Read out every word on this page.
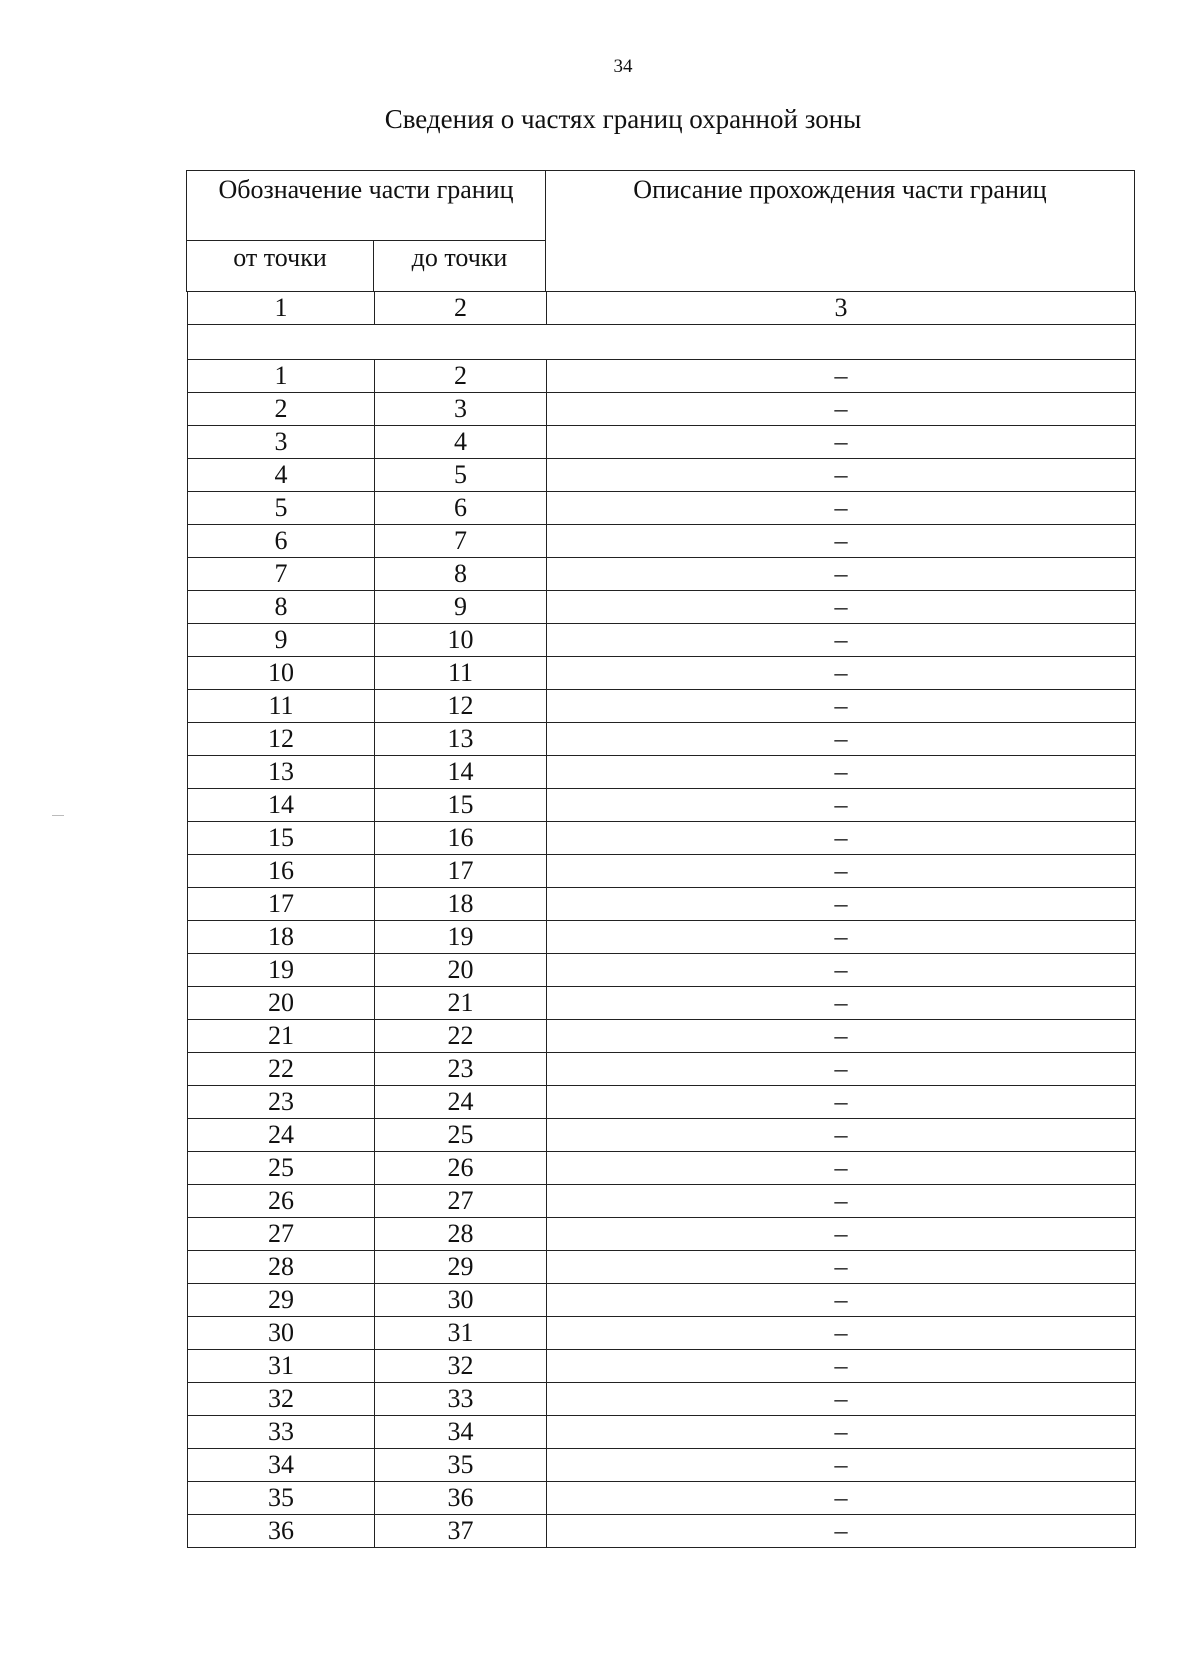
34
Сведения о частях границ охранной зоны
Обозначение части границ		Описание прохождения части границ
от точки	до точки	
1	2	3

1	2	–
2	3	–
3	4	–
4	5	–
5	6	–
6	7	–
7	8	–
8	9	–
9	10	–
10	11	–
11	12	–
12	13	–
13	14	–
14	15	–
15	16	–
16	17	–
17	18	–
18	19	–
19	20	–
20	21	–
21	22	–
22	23	–
23	24	–
24	25	–
25	26	–
26	27	–
27	28	–
28	29	–
29	30	–
30	31	–
31	32	–
32	33	–
33	34	–
34	35	–
35	36	–
36	37	–
